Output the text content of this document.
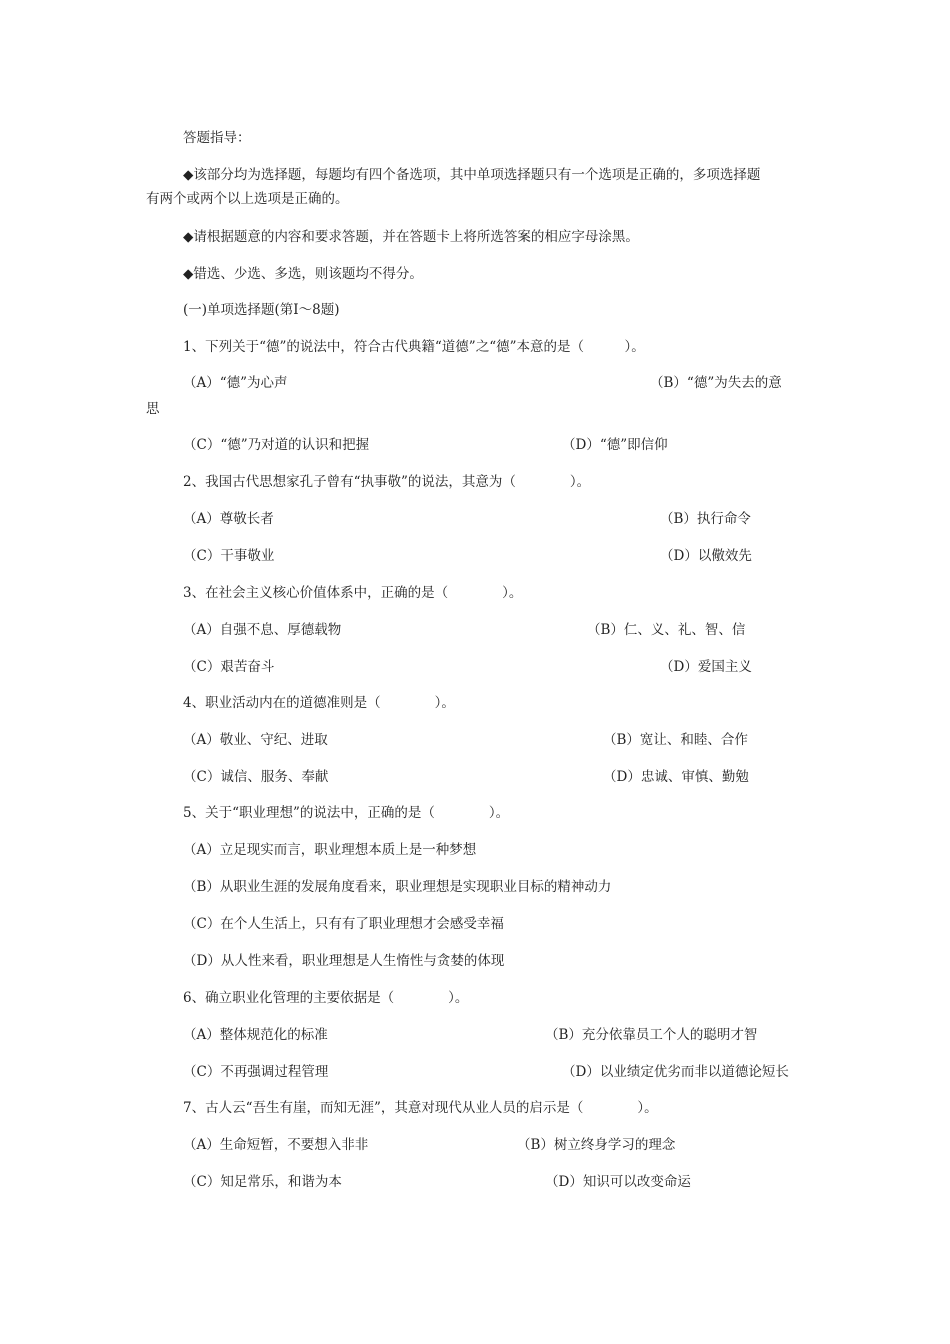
答题指导：
◆该部分均为选择题，每题均有四个备选项，其中单项选择题只有一个选项是正确的，多项选择题
有两个或两个以上选项是正确的。
◆请根据题意的内容和要求答题，并在答题卡上将所选答案的相应字母涂黑。
◆错选、少选、多选，则该题均不得分。
(一)单项选择题(第Ⅰ～8题)
1、下列关于“德”的说法中，符合古代典籍“道德”之“德”本意的是（　　　）。
（A）“德”为心声	（B）“德”为失去的意
思
（C）“德”乃对道的认识和把握	（D）“德”即信仰
2、我国古代思想家孔子曾有“执事敬”的说法，其意为（　　　　）。
（A）尊敬长者	（B）执行命令
（C）干事敬业	（D）以儆效先
3、在社会主义核心价值体系中，正确的是（　　　　）。
（A）自强不息、厚德载物	（B）仁、义、礼、智、信
（C）艰苦奋斗	（D）爱国主义
4、职业活动内在的道德准则是（　　　　）。
（A）敬业、守纪、进取	（B）宽让、和睦、合作
（C）诚信、服务、奉献	（D）忠诚、审慎、勤勉
5、关于“职业理想”的说法中，正确的是（　　　　）。
（A）立足现实而言，职业理想本质上是一种梦想
（B）从职业生涯的发展角度看来，职业理想是实现职业目标的精神动力
（C）在个人生活上，只有有了职业理想才会感受幸福
（D）从人性来看，职业理想是人生惰性与贪婪的体现
6、确立职业化管理的主要依据是（　　　　）。
（A）整体规范化的标准	（B）充分依靠员工个人的聪明才智
（C）不再强调过程管理	（D）以业绩定优劣而非以道德论短长
7、古人云“吾生有崖，而知无涯”，其意对现代从业人员的启示是（　　　　）。
（A）生命短暂，不要想入非非	（B）树立终身学习的理念
（C）知足常乐，和谐为本	（D）知识可以改变命运
